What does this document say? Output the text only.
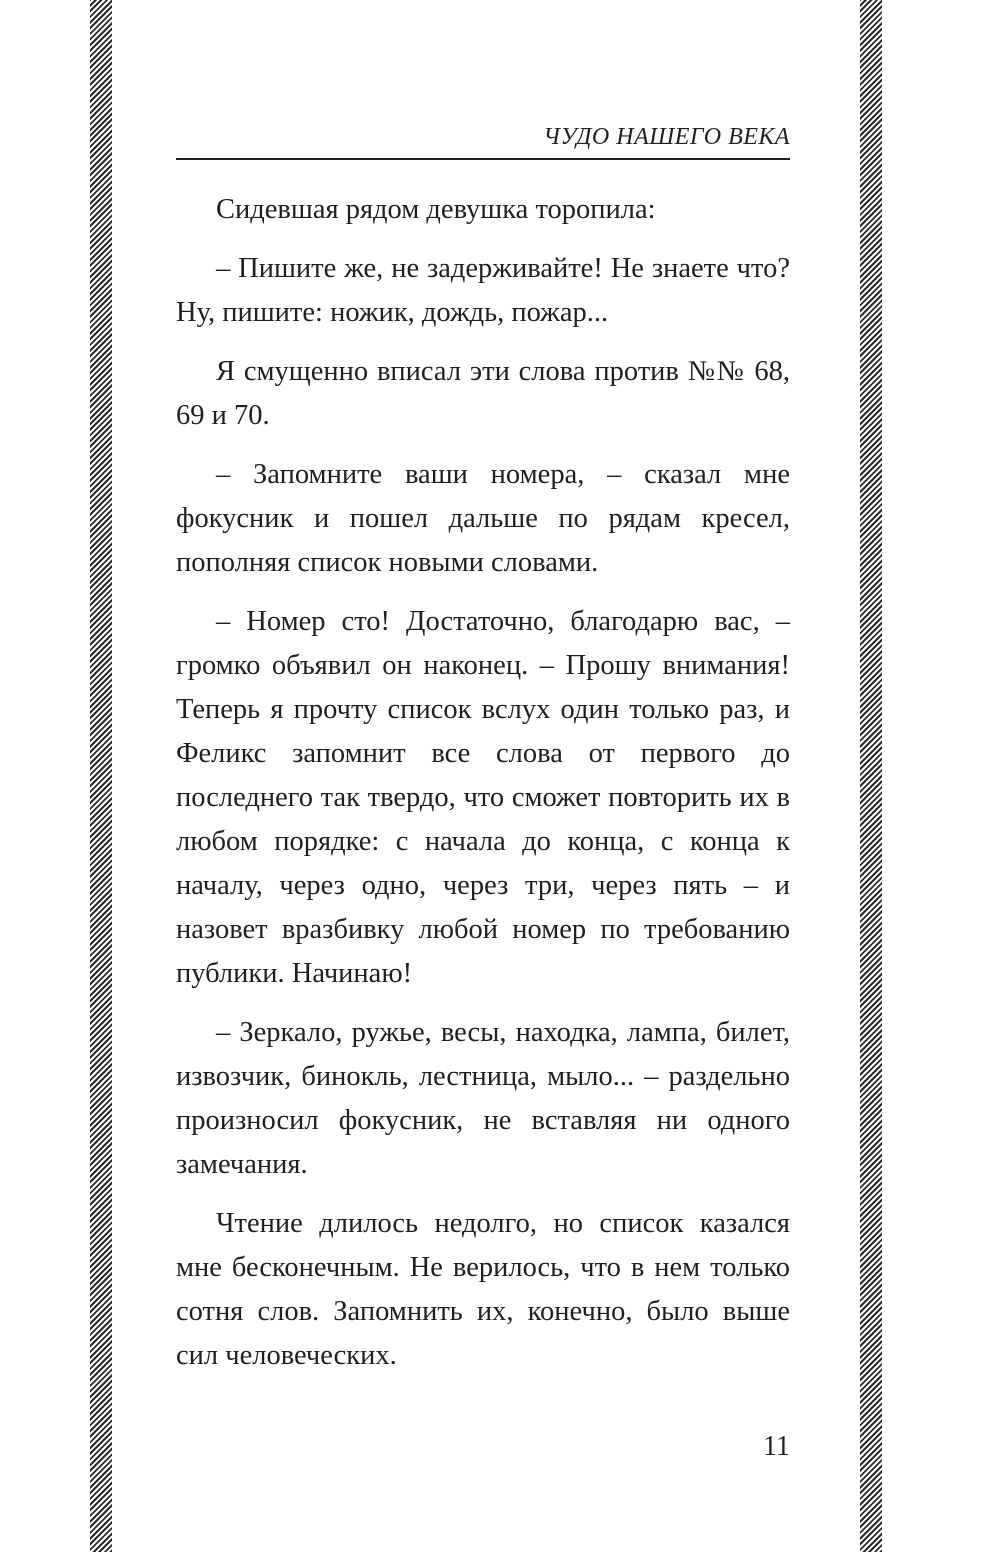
ЧУДО НАШЕГО ВЕКА

Сидевшая рядом девушка торопила:

– Пишите же, не задерживайте! Не знаете что? Ну, пишите: ножик, дождь, пожар...

Я смущенно вписал эти слова против №№ 68, 69 и 70.

– Запомните ваши номера, – сказал мне фокусник и пошел дальше по рядам кресел, пополняя список новыми словами.

– Номер сто! Достаточно, благодарю вас, – громко объявил он наконец. – Прошу внимания! Теперь я прочту список вслух один только раз, и Феликс запомнит все слова от первого до последнего так твердо, что сможет повторить их в любом порядке: с начала до конца, с конца к началу, через одно, через три, через пять – и назовет вразбивку любой номер по требованию публики. Начинаю!

– Зеркало, ружье, весы, находка, лампа, билет, извозчик, бинокль, лестница, мыло... – раздельно произносил фокусник, не вставляя ни одного замечания.

Чтение длилось недолго, но список казался мне бесконечным. Не верилось, что в нем только сотня слов. Запомнить их, конечно, было выше сил человеческих.

11
